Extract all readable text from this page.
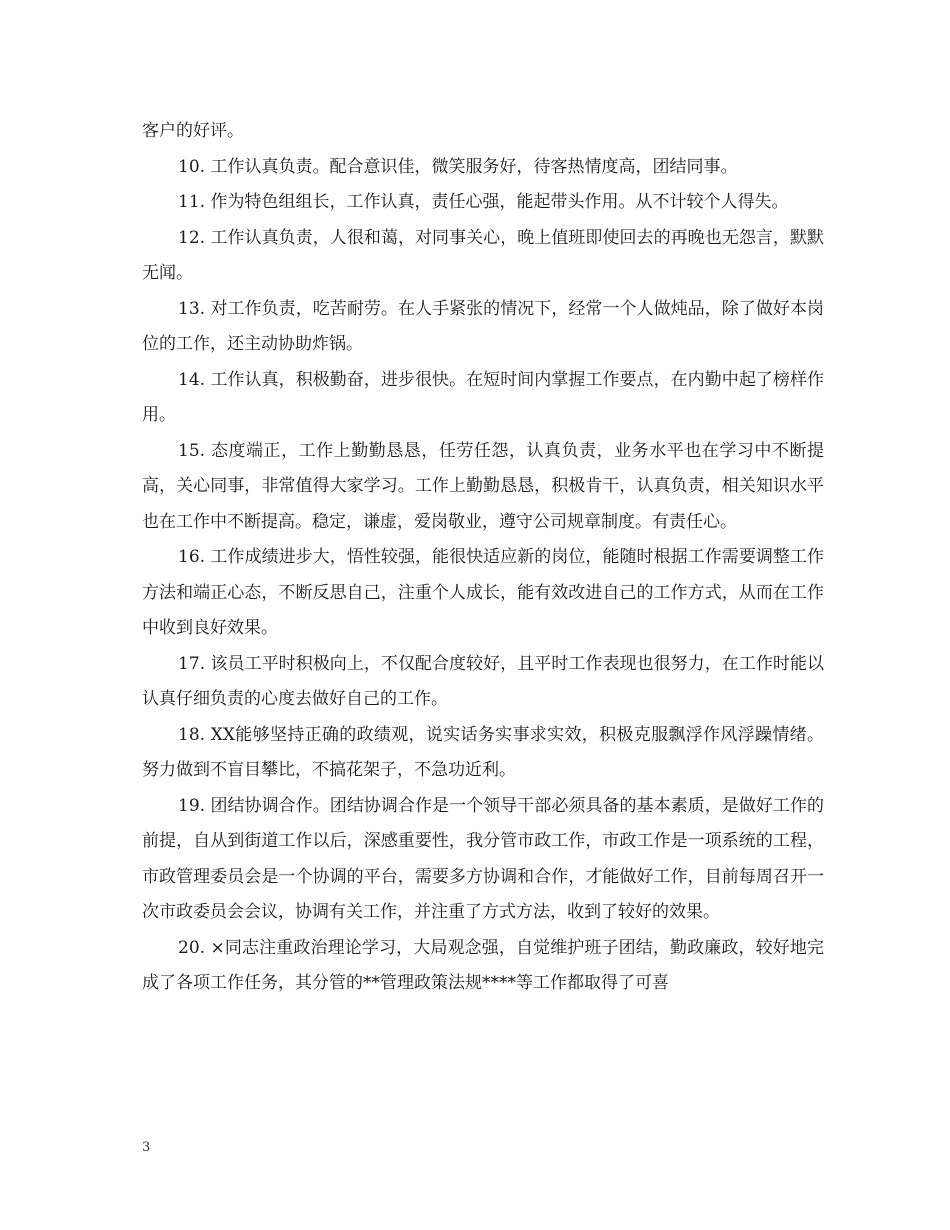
客户的好评。

10. 工作认真负责。配合意识佳，微笑服务好，待客热情度高，团结同事。

11. 作为特色组组长，工作认真，责任心强，能起带头作用。从不计较个人得失。

12. 工作认真负责，人很和蔼，对同事关心，晚上值班即使回去的再晚也无怨言，默默无闻。

13. 对工作负责，吃苦耐劳。在人手紧张的情况下，经常一个人做炖品，除了做好本岗位的工作，还主动协助炸锅。

14. 工作认真，积极勤奋，进步很快。在短时间内掌握工作要点，在内勤中起了榜样作用。

15. 态度端正，工作上勤勤恳恳，任劳任怨，认真负责，业务水平也在学习中不断提高，关心同事，非常值得大家学习。工作上勤勤恳恳，积极肯干，认真负责，相关知识水平也在工作中不断提高。稳定，谦虚，爱岗敬业，遵守公司规章制度。有责任心。

16. 工作成绩进步大，悟性较强，能很快适应新的岗位，能随时根据工作需要调整工作方法和端正心态，不断反思自己，注重个人成长，能有效改进自己的工作方式，从而在工作中收到良好效果。

17. 该员工平时积极向上，不仅配合度较好，且平时工作表现也很努力，在工作时能以认真仔细负责的心度去做好自己的工作。

18. XX能够坚持正确的政绩观，说实话务实事求实效，积极克服飘浮作风浮躁情绪。努力做到不盲目攀比，不搞花架子，不急功近利。

19. 团结协调合作。团结协调合作是一个领导干部必须具备的基本素质，是做好工作的前提，自从到街道工作以后，深感重要性，我分管市政工作，市政工作是一项系统的工程，市政管理委员会是一个协调的平台，需要多方协调和合作，才能做好工作，目前每周召开一次市政委员会会议，协调有关工作，并注重了方式方法，收到了较好的效果。

20. ×同志注重政治理论学习，大局观念强，自觉维护班子团结，勤政廉政，较好地完成了各项工作任务，其分管的**管理政策法规****等工作都取得了可喜

3
